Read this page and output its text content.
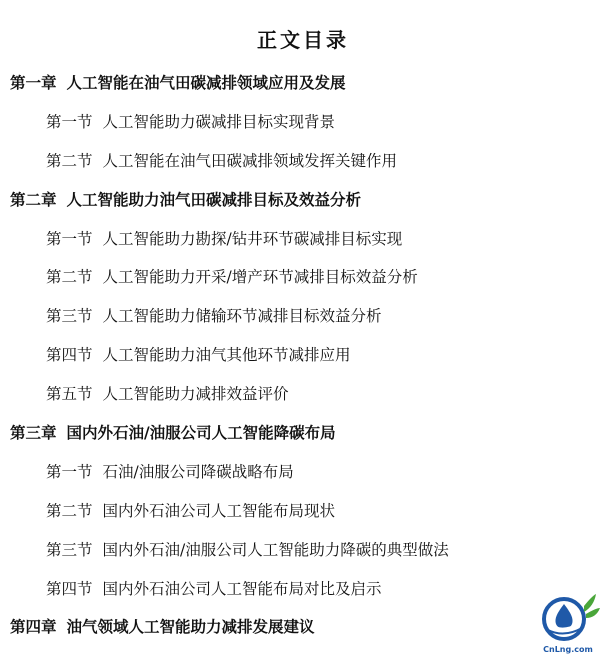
正文目录
第一章 人工智能在油气田碳减排领域应用及发展
第一节 人工智能助力碳减排目标实现背景
第二节 人工智能在油气田碳减排领域发挥关键作用
第二章 人工智能助力油气田碳减排目标及效益分析
第一节 人工智能助力勘探/钻井环节碳减排目标实现
第二节 人工智能助力开采/增产环节减排目标效益分析
第三节 人工智能助力储输环节减排目标效益分析
第四节 人工智能助力油气其他环节减排应用
第五节 人工智能助力减排效益评价
第三章 国内外石油/油服公司人工智能降碳布局
第一节 石油/油服公司降碳战略布局
第二节 国内外石油公司人工智能布局现状
第三节 国内外石油/油服公司人工智能助力降碳的典型做法
第四节 国内外石油公司人工智能布局对比及启示
第四章 油气领域人工智能助力减排发展建议
CnLng.com
